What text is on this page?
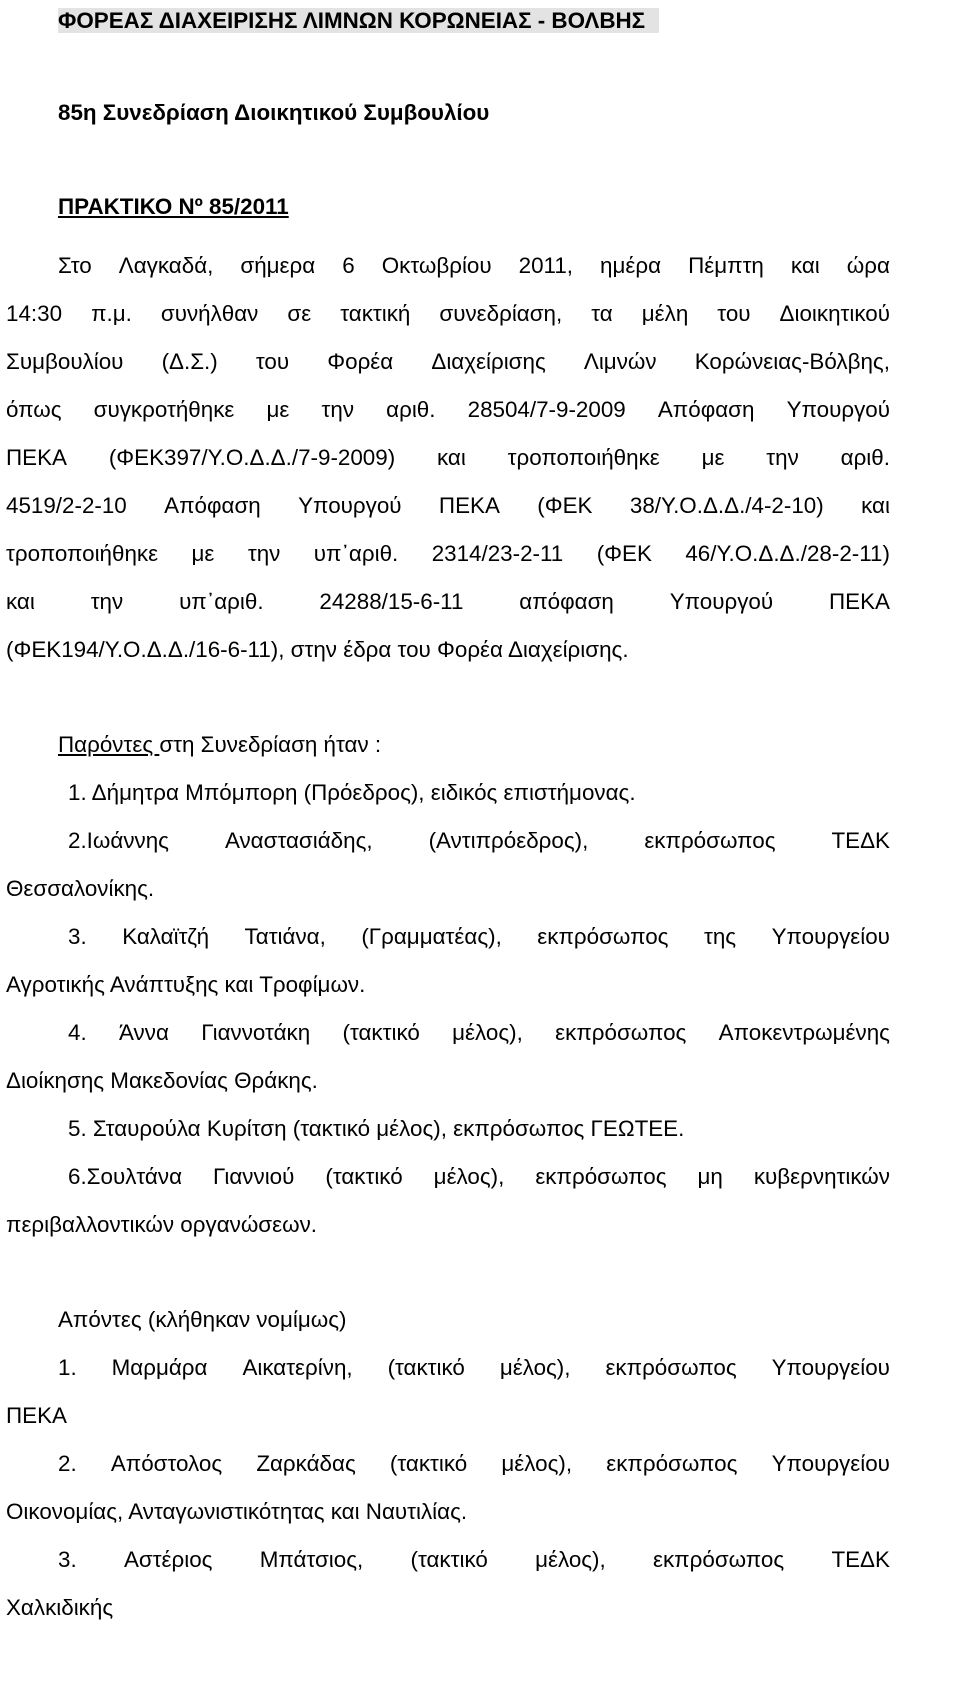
ΦΟΡΕΑΣ ΔΙΑΧΕΙΡΙΣΗΣ ΛΙΜΝΩΝ ΚΟΡΩΝΕΙΑΣ - ΒΟΛΒΗΣ
85η Συνεδρίαση Διοικητικού Συμβουλίου
ΠΡΑΚΤΙΚΟ Νº 85/2011
Στο Λαγκαδά, σήμερα 6 Οκτωβρίου 2011, ημέρα Πέμπτη και ώρα
14:30 π.μ. συνήλθαν σε τακτική συνεδρίαση, τα μέλη του Διοικητικού
Συμβουλίου (Δ.Σ.) του Φορέα Διαχείρισης Λιμνών Κορώνειας-Βόλβης,
όπως συγκροτήθηκε με την αριθ. 28504/7-9-2009 Απόφαση Υπουργού
ΠΕΚΑ (ΦΕΚ397/Υ.Ο.Δ.Δ./7-9-2009) και τροποποιήθηκε με την αριθ.
4519/2-2-10 Απόφαση Υπουργού ΠΕΚΑ (ΦΕΚ 38/Υ.Ο.Δ.Δ./4-2-10) και
τροποποιήθηκε με την υπ᾽αριθ. 2314/23-2-11 (ΦΕΚ 46/Υ.Ο.Δ.Δ./28-2-11)
και την υπ᾽αριθ. 24288/15-6-11 απόφαση Υπουργού ΠΕΚΑ
(ΦΕΚ194/Υ.Ο.Δ.Δ./16-6-11), στην έδρα του Φορέα Διαχείρισης.
Παρόντες στη Συνεδρίαση ήταν :
1. Δήμητρα Μπόμπορη (Πρόεδρος), ειδικός επιστήμονας.
2.Ιωάννης Αναστασιάδης, (Αντιπρόεδρος), εκπρόσωπος ΤΕΔΚ
Θεσσαλονίκης.
3. Καλαϊτζή Τατιάνα, (Γραμματέας), εκπρόσωπος της Υπουργείου
Αγροτικής Ανάπτυξης και Τροφίμων.
4. Άννα Γιαννοτάκη (τακτικό μέλος), εκπρόσωπος Αποκεντρωμένης
Διοίκησης Μακεδονίας Θράκης.
5. Σταυρούλα Κυρίτση (τακτικό μέλος), εκπρόσωπος ΓΕΩΤΕΕ.
6.Σουλτάνα Γιαννιού (τακτικό μέλος), εκπρόσωπος μη κυβερνητικών
περιβαλλοντικών οργανώσεων.
Απόντες (κλήθηκαν νομίμως)
1. Μαρμάρα Αικατερίνη, (τακτικό μέλος), εκπρόσωπος Υπουργείου
ΠΕΚΑ
2. Απόστολος Ζαρκάδας (τακτικό μέλος), εκπρόσωπος Υπουργείου
Οικονομίας, Ανταγωνιστικότητας και Ναυτιλίας.
3. Αστέριος Μπάτσιος, (τακτικό μέλος), εκπρόσωπος ΤΕΔΚ
Χαλκιδικής
